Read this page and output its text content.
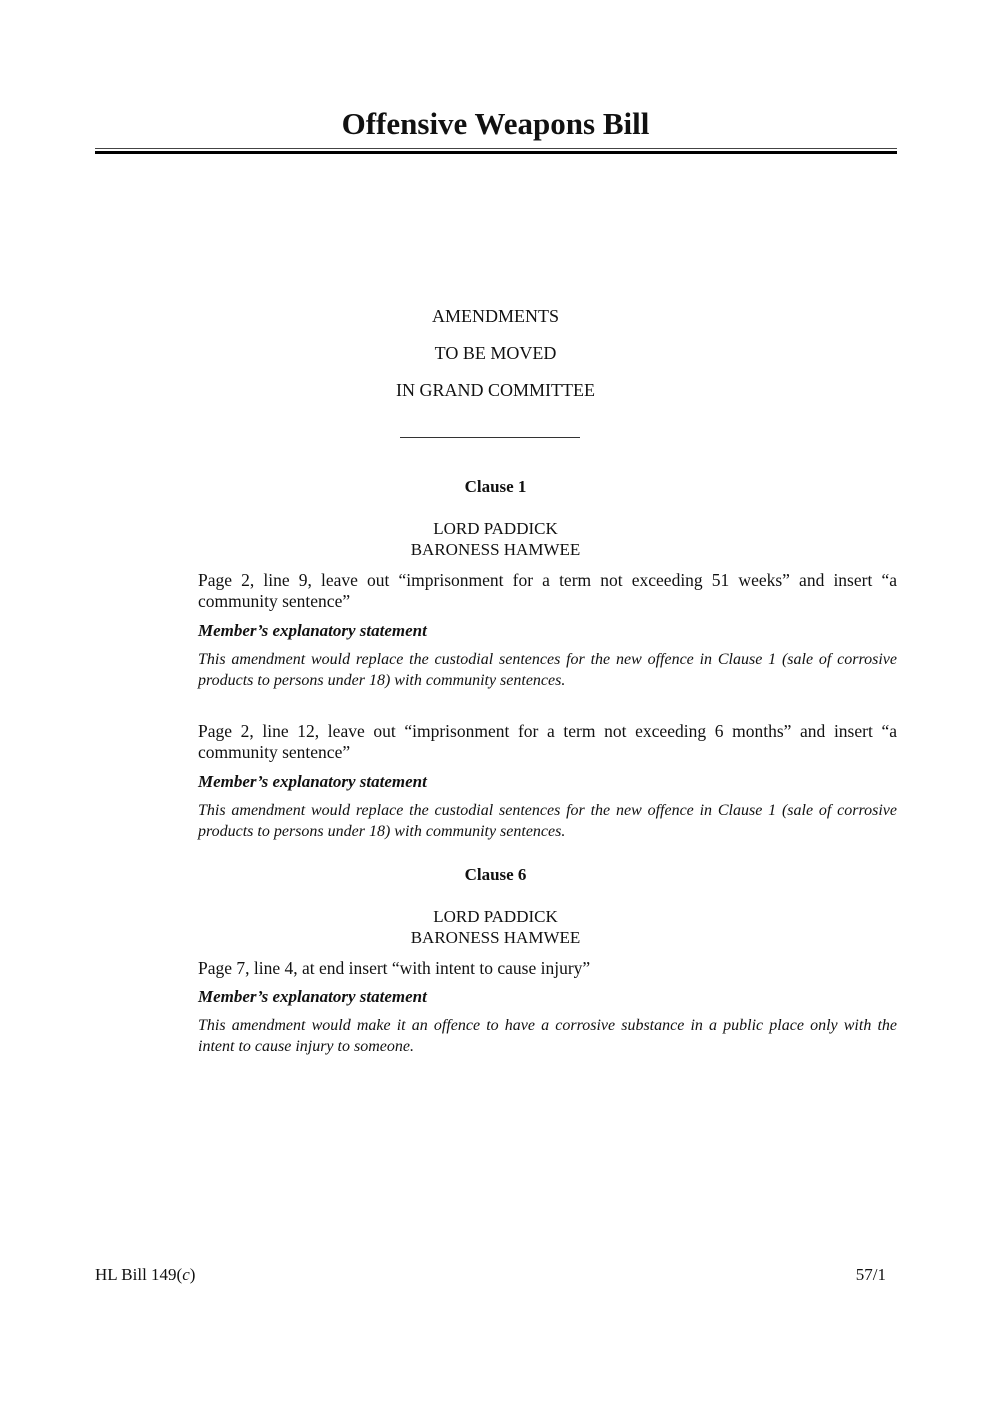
Offensive Weapons Bill
AMENDMENTS
TO BE MOVED
IN GRAND COMMITTEE
Clause 1
LORD PADDICK
BARONESS HAMWEE
Page 2, line 9, leave out “imprisonment for a term not exceeding 51 weeks” and insert “a community sentence”
Member’s explanatory statement
This amendment would replace the custodial sentences for the new offence in Clause 1 (sale of corrosive products to persons under 18) with community sentences.
Page 2, line 12, leave out “imprisonment for a term not exceeding 6 months” and insert “a community sentence”
Member’s explanatory statement
This amendment would replace the custodial sentences for the new offence in Clause 1 (sale of corrosive products to persons under 18) with community sentences.
Clause 6
LORD PADDICK
BARONESS HAMWEE
Page 7, line 4, at end insert “with intent to cause injury”
Member’s explanatory statement
This amendment would make it an offence to have a corrosive substance in a public place only with the intent to cause injury to someone.
HL Bill 149(c)	57/1
